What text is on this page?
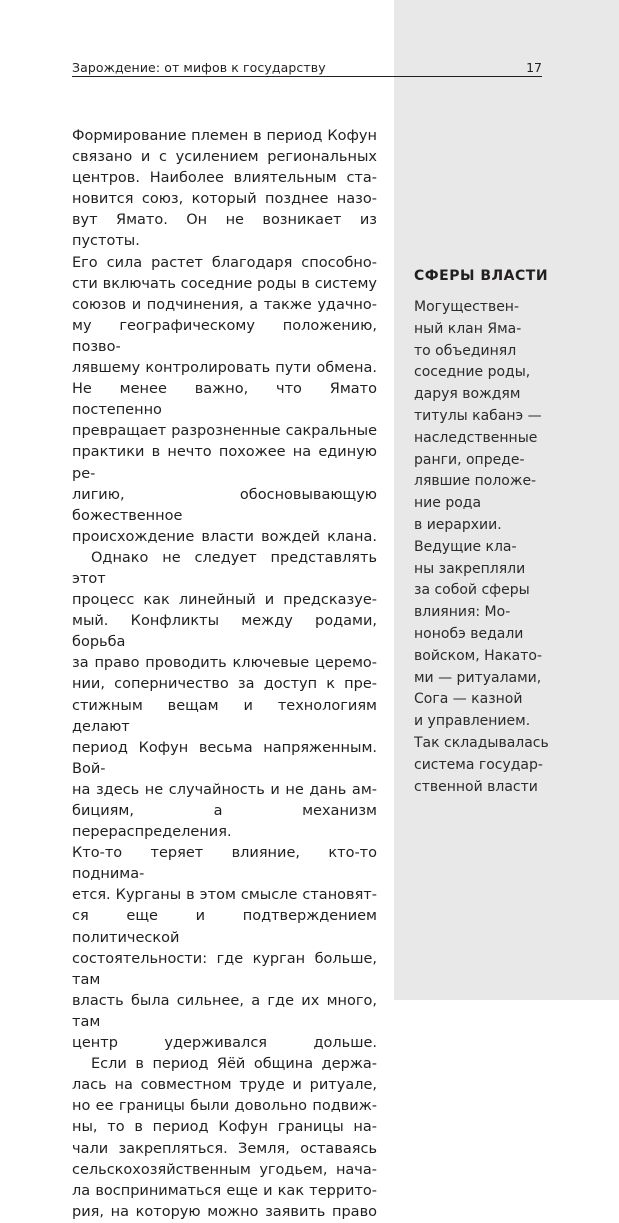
Зарождение: от мифов к государству	17

Формирование племен в период Кофун
связано и с усилением региональных
центров. Наиболее влиятельным ста-
новится союз, который позднее назо-
вут Ямато. Он не возникает из пустоты.
Его сила растет благодаря способно-
сти включать соседние роды в систему
союзов и подчинения, а также удачно-
му географическому положению, позво-
лявшему контролировать пути обмена.
Не менее важно, что Ямато постепенно
превращает разрозненные сакральные
практики в нечто похожее на единую ре-
лигию, обосновывающую божественное
происхождение власти вождей клана.

Однако не следует представлять этот
процесс как линейный и предсказуе-
мый. Конфликты между родами, борьба
за право проводить ключевые церемо-
нии, соперничество за доступ к пре-
стижным вещам и технологиям делают
период Кофун весьма напряженным. Вой-
на здесь не случайность и не дань ам-
бициям, а механизм перераспределения.
Кто-то теряет влияние, кто-то поднима-
ется. Курганы в этом смысле становят-
ся еще и подтверждением политической
состоятельности: где курган больше, там
власть была сильнее, а где их много, там
центр удерживался дольше.

Если в период Яёй община держа-
лась на совместном труде и ритуале,
но ее границы были довольно подвиж-
ны, то в период Кофун границы на-
чали закрепляться. Земля, оставаясь
сельскохозяйственным угодьем, нача-
ла восприниматься еще и как террито-
рия, на которую можно заявить право

СФЕРЫ ВЛАСТИ
Могуществен-
ный клан Яма-
то объединял
соседние роды,
даруя вождям
титулы кабанэ —
наследственные
ранги, опреде-
лявшие положе-
ние рода
в иерархии.
Ведущие кла-
ны закрепляли
за собой сферы
влияния: Мо-
нонобэ ведали
войском, Накато-
ми — ритуалами,
Сога — казной
и управлением.
Так складывалась
система государ-
ственной власти
